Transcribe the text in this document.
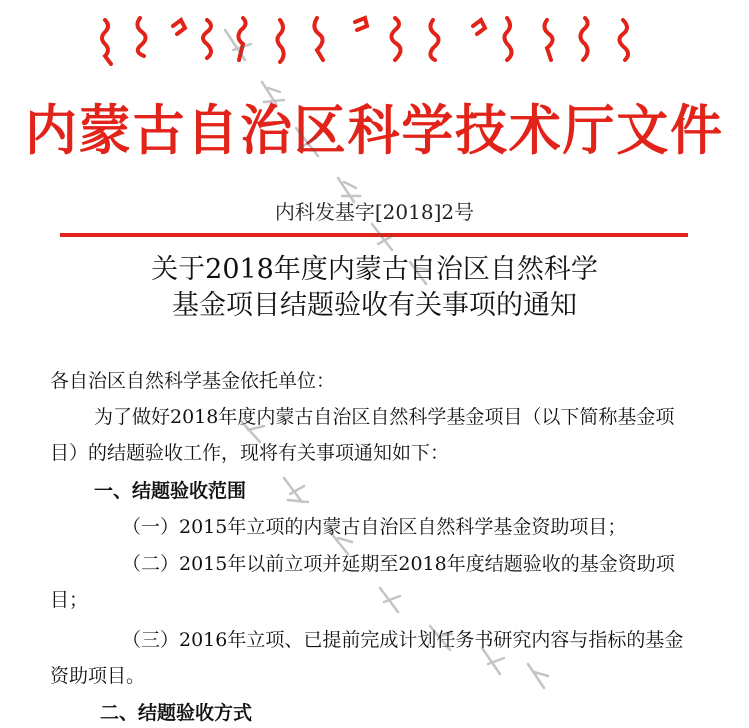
内蒙古自治区科学技术厅文件
内科发基字[2018]2号
关于2018年度内蒙古自治区自然科学
基金项目结题验收有关事项的通知
各自治区自然科学基金依托单位：
为了做好2018年度内蒙古自治区自然科学基金项目（以下简称基金项
目）的结题验收工作，现将有关事项通知如下：
一、结题验收范围
（一）2015年立项的内蒙古自治区自然科学基金资助项目；
（二）2015年以前立项并延期至2018年度结题验收的基金资助项
目；
（三）2016年立项、已提前完成计划任务书研究内容与指标的基金
资助项目。
二、结题验收方式
